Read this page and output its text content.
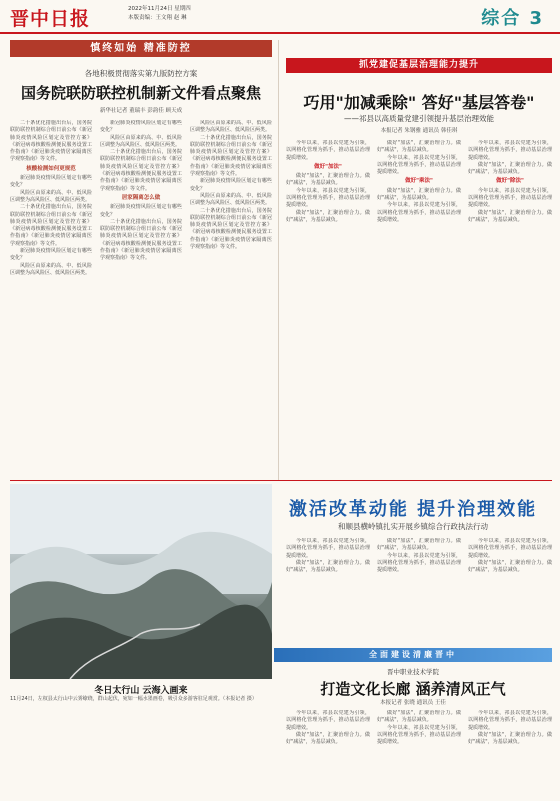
晋中日报	2022年11月24日 星期四
本版责编：王文翔 赵 琳	综合 3
慎终如始 精准防控
各地积极贯彻落实第九版防控方案
国务院联防联控机制新文件看点聚焦
新华社记者 董瑞丰 彭韵佳 顾天成

二十条优化措施出台后，国务院联防联控机制综合组日前公布《新冠肺炎疫情风险区划定及管控方案》《新冠病毒核酸检测便民服务设置工作指南》《新冠肺炎疫情居家隔离医学观察指南》等文件。

核酸检测如何更规范

新冠肺炎疫情风险区划定有哪些变化？

风险区由原来的高、中、低风险区调整为高风险区、低风险区两类。

二十条优化措施出台后，国务院联防联控机制综合组日前公布《新冠肺炎疫情风险区划定及管控方案》《新冠病毒核酸检测便民服务设置工作指南》《新冠肺炎疫情居家隔离医学观察指南》等文件。

新冠肺炎疫情风险区划定有哪些变化？

风险区由原来的高、中、低风险区调整为高风险区、低风险区两类。

新冠肺炎疫情风险区划定有哪些变化？

风险区由原来的高、中、低风险区调整为高风险区、低风险区两类。

二十条优化措施出台后，国务院联防联控机制综合组日前公布《新冠肺炎疫情风险区划定及管控方案》《新冠病毒核酸检测便民服务设置工作指南》《新冠肺炎疫情居家隔离医学观察指南》等文件。

居家隔离怎么做

新冠肺炎疫情风险区划定有哪些变化？

二十条优化措施出台后，国务院联防联控机制综合组日前公布《新冠肺炎疫情风险区划定及管控方案》《新冠病毒核酸检测便民服务设置工作指南》《新冠肺炎疫情居家隔离医学观察指南》等文件。

风险区由原来的高、中、低风险区调整为高风险区、低风险区两类。

二十条优化措施出台后，国务院联防联控机制综合组日前公布《新冠肺炎疫情风险区划定及管控方案》《新冠病毒核酸检测便民服务设置工作指南》《新冠肺炎疫情居家隔离医学观察指南》等文件。

新冠肺炎疫情风险区划定有哪些变化？

风险区由原来的高、中、低风险区调整为高风险区、低风险区两类。

二十条优化措施出台后，国务院联防联控机制综合组日前公布《新冠肺炎疫情风险区划定及管控方案》《新冠病毒核酸检测便民服务设置工作指南》《新冠肺炎疫情居家隔离医学观察指南》等文件。

抓党建促基层治理能力提升
巧用"加减乘除" 答好"基层答卷"
——祁县以高质量党建引领提升基层治理效能
本报记者 朱钢雅 通讯员 韩佳琪

今年以来，祁县以党建为引领，以网格化管理为抓手，推动基层治理提质增效。

做好"加法"

做好"加法"，汇聚治理合力。做好"减法"，为基层减负。

今年以来，祁县以党建为引领，以网格化管理为抓手，推动基层治理提质增效。

做好"加法"，汇聚治理合力。做好"减法"，为基层减负。

做好"加法"，汇聚治理合力。做好"减法"，为基层减负。

今年以来，祁县以党建为引领，以网格化管理为抓手，推动基层治理提质增效。

做好"乘法"

做好"加法"，汇聚治理合力。做好"减法"，为基层减负。

今年以来，祁县以党建为引领，以网格化管理为抓手，推动基层治理提质增效。

今年以来，祁县以党建为引领，以网格化管理为抓手，推动基层治理提质增效。

做好"加法"，汇聚治理合力。做好"减法"，为基层减负。

做好"除法"

今年以来，祁县以党建为引领，以网格化管理为抓手，推动基层治理提质增效。

做好"加法"，汇聚治理合力。做好"减法"，为基层减负。

冬日太行山 云海入画来
11月24日，左权县太行山中云雾缭绕，群山起伏，宛如一幅水墨画卷，吸引众多游客驻足观赏。（本报记者 摄）
激活改革动能 提升治理效能
和顺县横岭镇扎实开展乡镇综合行政执法行动

今年以来，祁县以党建为引领，以网格化管理为抓手，推动基层治理提质增效。

做好"加法"，汇聚治理合力。做好"减法"，为基层减负。

做好"加法"，汇聚治理合力。做好"减法"，为基层减负。

今年以来，祁县以党建为引领，以网格化管理为抓手，推动基层治理提质增效。

今年以来，祁县以党建为引领，以网格化管理为抓手，推动基层治理提质增效。

做好"加法"，汇聚治理合力。做好"减法"，为基层减负。

全面建设清廉晋中
晋中职业技术学院
打造文化长廊 涵养清风正气
本报记者 张晓 通讯员 王佳

今年以来，祁县以党建为引领，以网格化管理为抓手，推动基层治理提质增效。

做好"加法"，汇聚治理合力。做好"减法"，为基层减负。

做好"加法"，汇聚治理合力。做好"减法"，为基层减负。

今年以来，祁县以党建为引领，以网格化管理为抓手，推动基层治理提质增效。

今年以来，祁县以党建为引领，以网格化管理为抓手，推动基层治理提质增效。

做好"加法"，汇聚治理合力。做好"减法"，为基层减负。
